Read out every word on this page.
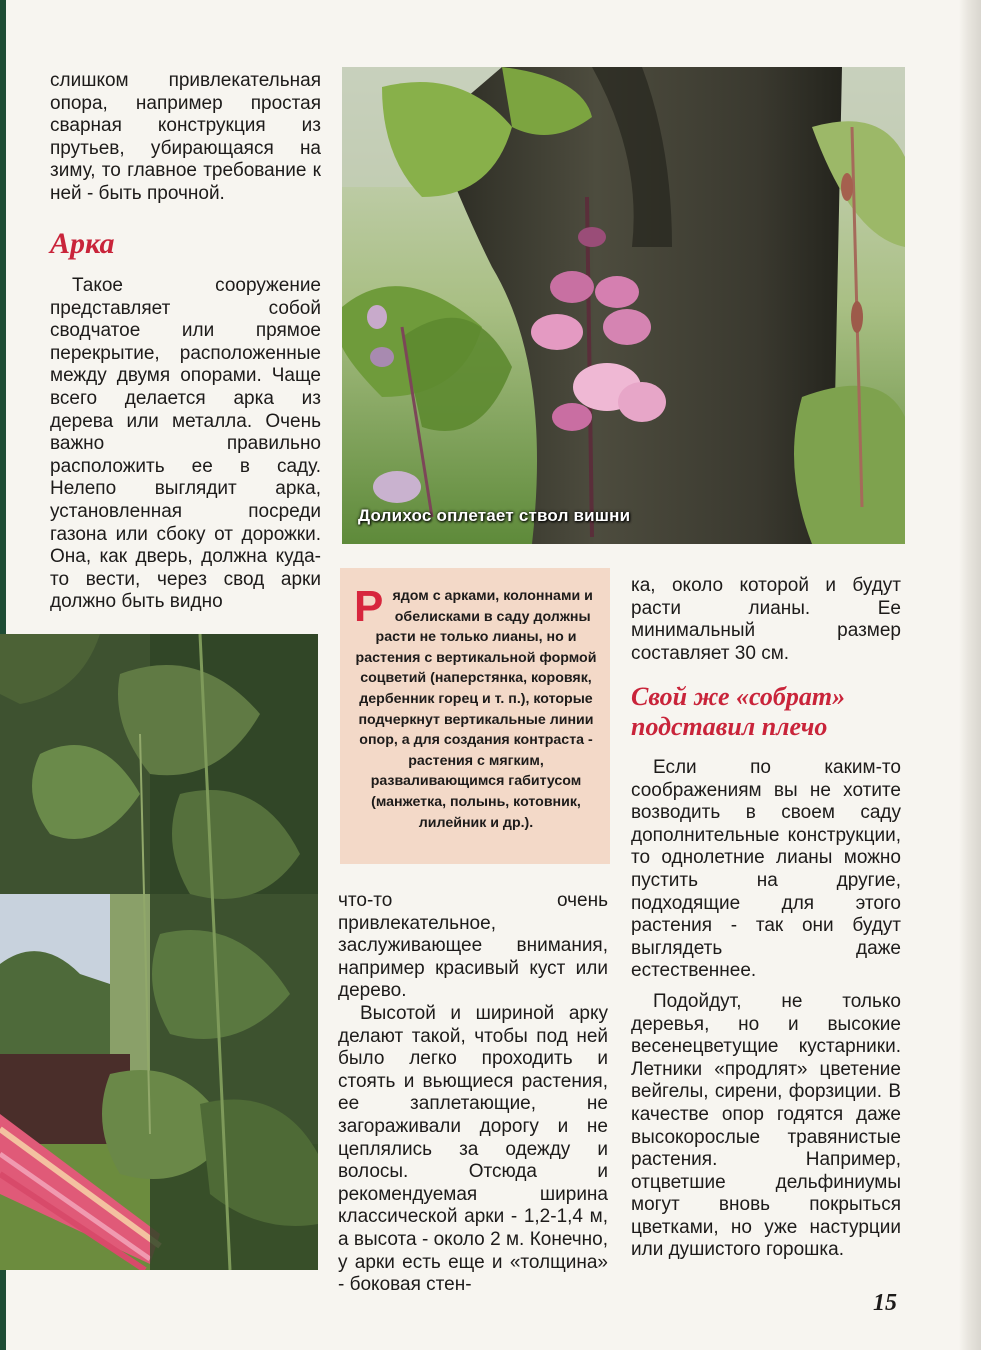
слишком привлекательная опора, например простая сварная конструкция из прутьев, убирающаяся на зиму, то главное требование к ней - быть прочной.

Арка

Такое сооружение представляет собой сводчатое или прямое перекрытие, расположенные между двумя опорами. Чаще всего делается арка из дерева или металла. Очень важно правильно расположить ее в саду. Нелепо выглядит арка, установленная посреди газона или сбоку от дорожки. Она, как дверь, должна куда-то вести, через свод арки должно быть видно

Долихос оплетает ствол вишни
Р ядом с арками, колоннами и обелисками в саду должны расти не только лианы, но и растения с вертикальной формой соцветий (наперстянка, коровяк, дербенник горец и т. п.), которые подчеркнут вертикальные линии опор, а для создания контраста - растения с мягким, разваливающимся габитусом (манжетка, полынь, котовник, лилейник и др.).

что-то очень привлекательное, заслуживающее внимания, например красивый куст или дерево.

Высотой и шириной арку делают такой, чтобы под ней было легко проходить и стоять и вьющиеся растения, ее заплетающие, не загораживали дорогу и не цеплялись за одежду и волосы. Отсюда и рекомендуемая ширина классической арки - 1,2-1,4 м, а высота - около 2 м. Конечно, у арки есть еще и «толщина» - боковая стен-

ка, около которой и будут расти лианы. Ее минимальный размер составляет 30 см.

Свой же «собрат» подставил плечо

Если по каким-то соображениям вы не хотите возводить в своем саду дополнительные конструкции, то однолетние лианы можно пустить на другие, подходящие для этого растения - так они будут выглядеть даже естественнее.

Подойдут, не только деревья, но и высокие весенецветущие кустарники. Летники «продлят» цветение вейгелы, сирени, форзиции. В качестве опор годятся даже высокорослые травянистые растения. Например, отцветшие дельфиниумы могут вновь покрыться цветками, но уже настурции или душистого горошка.

15
